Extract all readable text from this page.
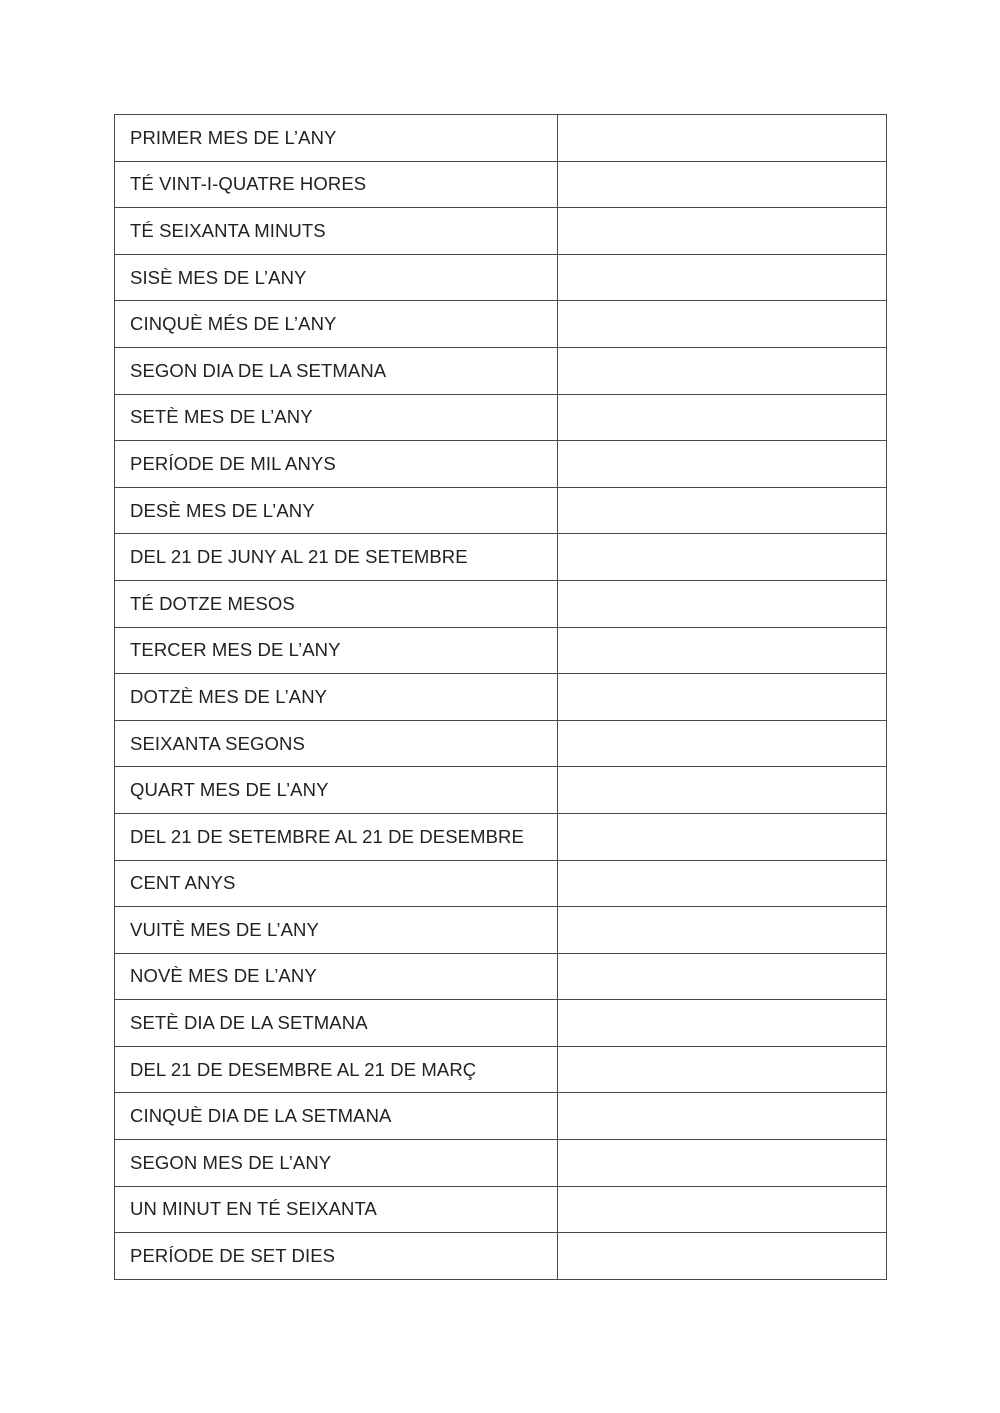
PRIMER MES DE L’ANY	

TÉ VINT-I-QUATRE HORES	

TÉ SEIXANTA MINUTS	

SISÈ MES DE L’ANY	

CINQUÈ MÉS DE L’ANY	

SEGON DIA DE LA SETMANA	

SETÈ MES DE L’ANY	

PERÍODE DE MIL ANYS	

DESÈ MES DE L’ANY	

DEL 21 DE JUNY AL 21 DE SETEMBRE	

TÉ DOTZE MESOS	

TERCER MES DE L’ANY	

DOTZÈ MES DE L’ANY	

SEIXANTA SEGONS	

QUART MES DE L’ANY	

DEL 21 DE SETEMBRE AL 21 DE DESEMBRE	

CENT ANYS	

VUITÈ MES DE L’ANY	

NOVÈ MES DE L’ANY	

SETÈ DIA DE LA SETMANA	

DEL 21 DE DESEMBRE AL 21 DE MARÇ	

CINQUÈ DIA DE LA SETMANA	

SEGON MES DE L’ANY	

UN MINUT EN TÉ SEIXANTA	

PERÍODE DE SET DIES	
